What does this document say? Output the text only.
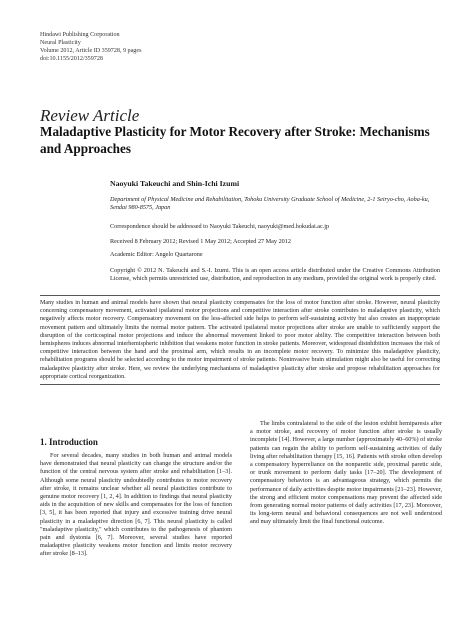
Hindawi Publishing Corporation
Neural Plasticity
Volume 2012, Article ID 359728, 9 pages
doi:10.1155/2012/359728
Review Article
Maladaptive Plasticity for Motor Recovery after Stroke: Mechanisms and Approaches
Naoyuki Takeuchi and Shin-Ichi Izumi
Department of Physical Medicine and Rehabilitation, Tohoku University Graduate School of Medicine, 2-1 Seiryo-cho, Aoba-ku, Sendai 980-8575, Japan
Correspondence should be addressed to Naoyuki Takeuchi, naoyuki@med.hokudai.ac.jp
Received 8 February 2012; Revised 1 May 2012; Accepted 27 May 2012
Academic Editor: Angelo Quartarone
Copyright © 2012 N. Takeuchi and S.-I. Izumi. This is an open access article distributed under the Creative Commons Attribution License, which permits unrestricted use, distribution, and reproduction in any medium, provided the original work is properly cited.
Many studies in human and animal models have shown that neural plasticity compensates for the loss of motor function after stroke. However, neural plasticity concerning compensatory movement, activated ipsilateral motor projections and competitive interaction after stroke contributes to maladaptive plasticity, which negatively affects motor recovery. Compensatory movement on the less-affected side helps to perform self-sustaining activity but also creates an inappropriate movement pattern and ultimately limits the normal motor pattern. The activated ipsilateral motor projections after stroke are unable to sufficiently support the disruption of the corticospinal motor projections and induce the abnormal movement linked to poor motor ability. The competitive interaction between both hemispheres induces abnormal interhemispheric inhibition that weakens motor function in stroke patients. Moreover, widespread disinhibition increases the risk of competitive interaction between the hand and the proximal arm, which results in an incomplete motor recovery. To minimize this maladaptive plasticity, rehabilitation programs should be selected according to the motor impairment of stroke patients. Noninvasive brain stimulation might also be useful for correcting maladaptive plasticity after stroke. Here, we review the underlying mechanisms of maladaptive plasticity after stroke and propose rehabilitation approaches for appropriate cortical reorganization.
1. Introduction
For several decades, many studies in both human and animal models have demonstrated that neural plasticity can change the structure and/or the function of the central nervous system after stroke and rehabilitation [1–3]. Although some neural plasticity undoubtedly contributes to motor recovery after stroke, it remains unclear whether all neural plasticities contribute to genuine motor recovery [1, 2, 4]. In addition to findings that neural plasticity aids in the acquisition of new skills and compensates for the loss of function [3, 5], it has been reported that injury and excessive training drive neural plasticity in a maladaptive direction [6, 7]. This neural plasticity is called "maladaptive plasticity," which contributes to the pathogenesis of phantom pain and dystonia [6, 7]. Moreover, several studies have reported maladaptive plasticity weakens motor function and limits motor recovery after stroke [8–13].
The limbs contralateral to the side of the lesion exhibit hemiparesis after a motor stroke, and recovery of motor function after stroke is usually incomplete [14]. However, a large number (approximately 40–60%) of stroke patients can regain the ability to perform self-sustaining activities of daily living after rehabilitation therapy [15, 16]. Patients with stroke often develop a compensatory hyperreliance on the nonparetic side, proximal paretic side, or trunk movement to perform daily tasks [17–20]. The development of compensatory behaviors is an advantageous strategy, which permits the performance of daily activities despite motor impairments [21–23]. However, the strong and efficient motor compensations may prevent the affected side from generating normal motor patterns of daily activities [17, 23]. Moreover, its long-term neural and behavioral consequences are not well understood and may ultimately limit the final functional outcome.
